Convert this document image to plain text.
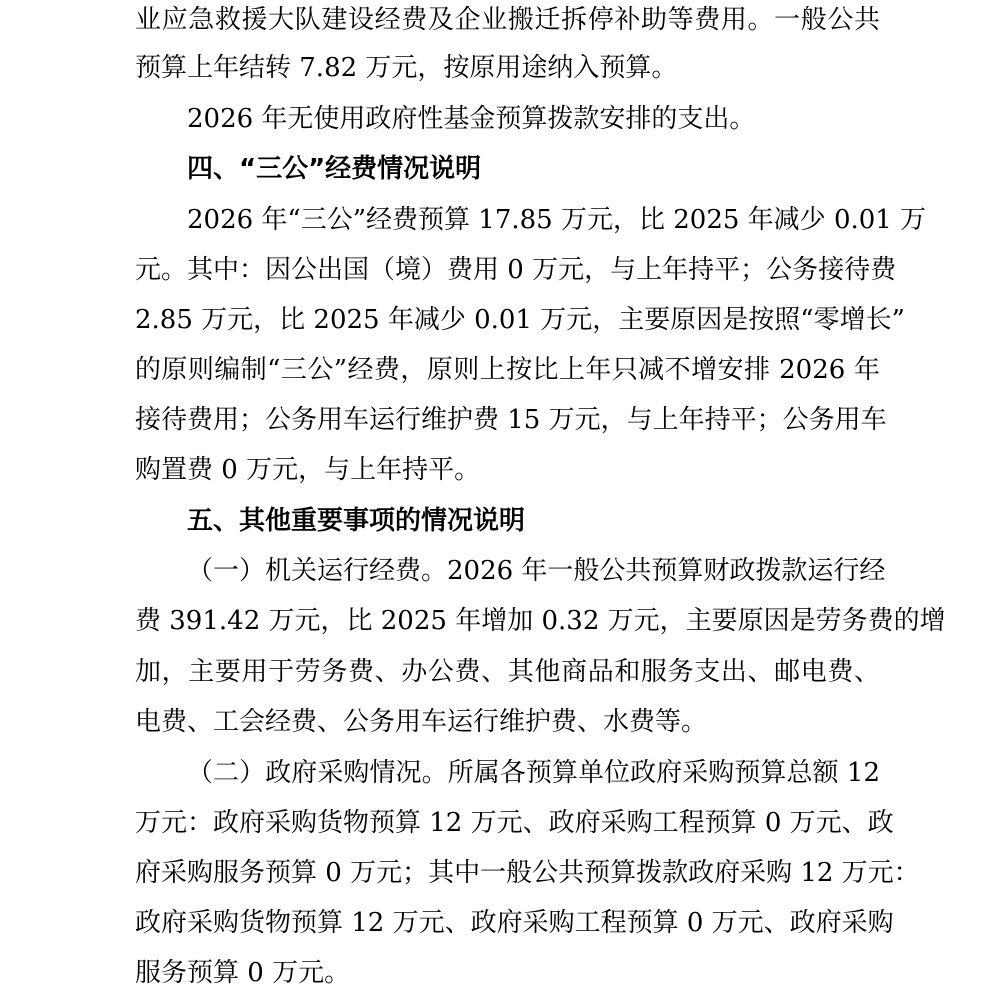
业应急救援大队建设经费及企业搬迁拆停补助等费用。一般公共
预算上年结转 7.82 万元，按原用途纳入预算。
2026 年无使用政府性基金预算拨款安排的支出。
四、“三公”经费情况说明
2026 年“三公”经费预算 17.85 万元，比 2025 年减少 0.01 万
元。其中：因公出国（境）费用 0 万元，与上年持平；公务接待费
2.85 万元，比 2025 年减少 0.01 万元，主要原因是按照“零增长”
的原则编制“三公”经费，原则上按比上年只减不增安排 2026 年
接待费用；公务用车运行维护费 15 万元，与上年持平；公务用车
购置费 0 万元，与上年持平。
五、其他重要事项的情况说明
（一）机关运行经费。2026 年一般公共预算财政拨款运行经
费 391.42 万元，比 2025 年增加 0.32 万元，主要原因是劳务费的增
加，主要用于劳务费、办公费、其他商品和服务支出、邮电费、
电费、工会经费、公务用车运行维护费、水费等。
（二）政府采购情况。所属各预算单位政府采购预算总额 12
万元：政府采购货物预算 12 万元、政府采购工程预算 0 万元、政
府采购服务预算 0 万元；其中一般公共预算拨款政府采购 12 万元：
政府采购货物预算 12 万元、政府采购工程预算 0 万元、政府采购
服务预算 0 万元。
